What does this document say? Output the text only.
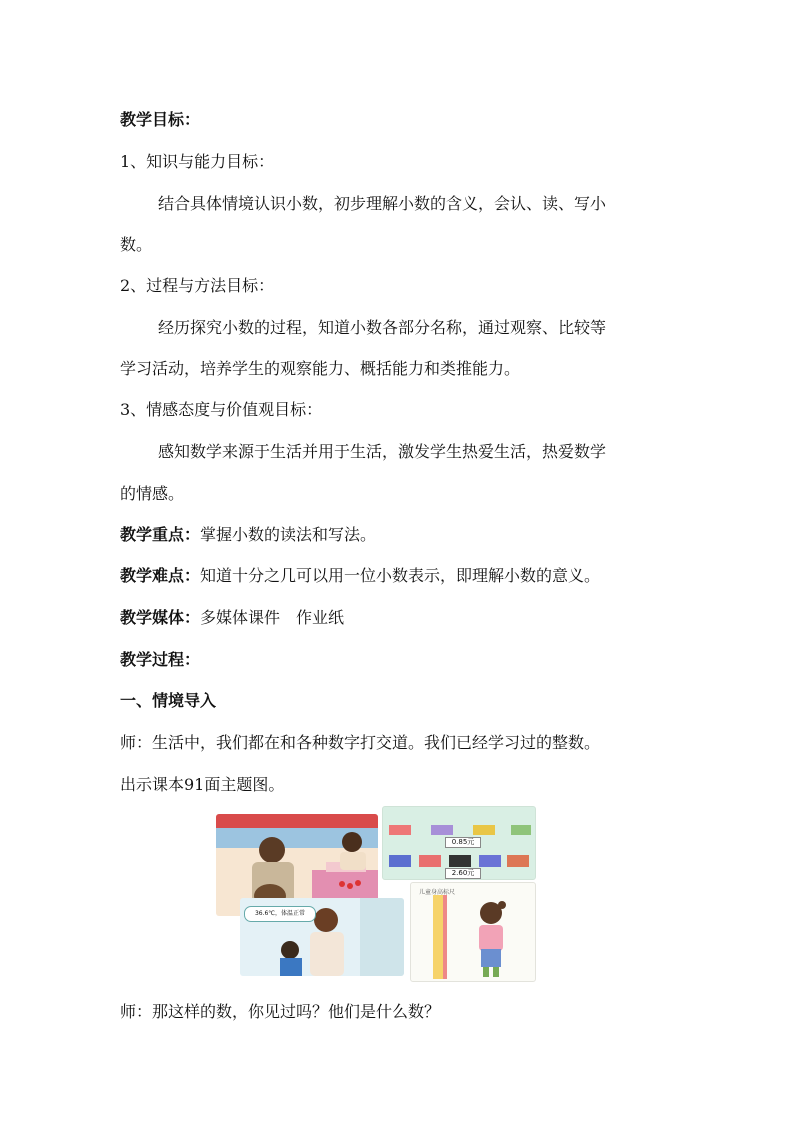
教学目标：
1、知识与能力目标：
结合具体情境认识小数，初步理解小数的含义，会认、读、写小
数。
2、过程与方法目标：
经历探究小数的过程，知道小数各部分名称，通过观察、比较等
学习活动，培养学生的观察能力、概括能力和类推能力。
3、情感态度与价值观目标：
感知数学来源于生活并用于生活，激发学生热爱生活，热爱数学
的情感。
教学重点：掌握小数的读法和写法。
教学难点：知道十分之几可以用一位小数表示，即理解小数的意义。
教学媒体：多媒体课件　作业纸
教学过程：
一、情境导入
师：生活中，我们都在和各种数字打交道。我们已经学习过的整数。
出示课本91面主题图。
0.85元
2.60元
36.6℃，体温正常
儿童身高标尺
师：那这样的数，你见过吗？他们是什么数？
